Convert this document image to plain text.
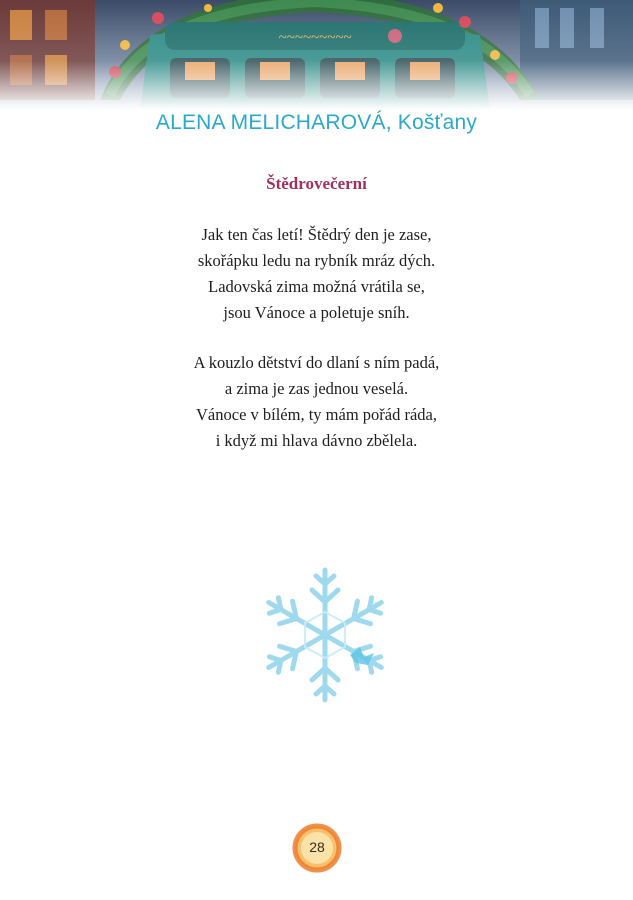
ALENA MELICHAROVÁ, Košťany
Štědrovečerní
Jak ten čas letí! Štědrý den je zase,
skořápku ledu na rybník mráz dých.
Ladovská zima možná vrátila se,
jsou Vánoce a poletuje sníh.
A kouzlo dětství do dlaní s ním padá,
a zima je zas jednou veselá.
Vánoce v bílém, ty mám pořád ráda,
i když mi hlava dávno zbělela.
28
